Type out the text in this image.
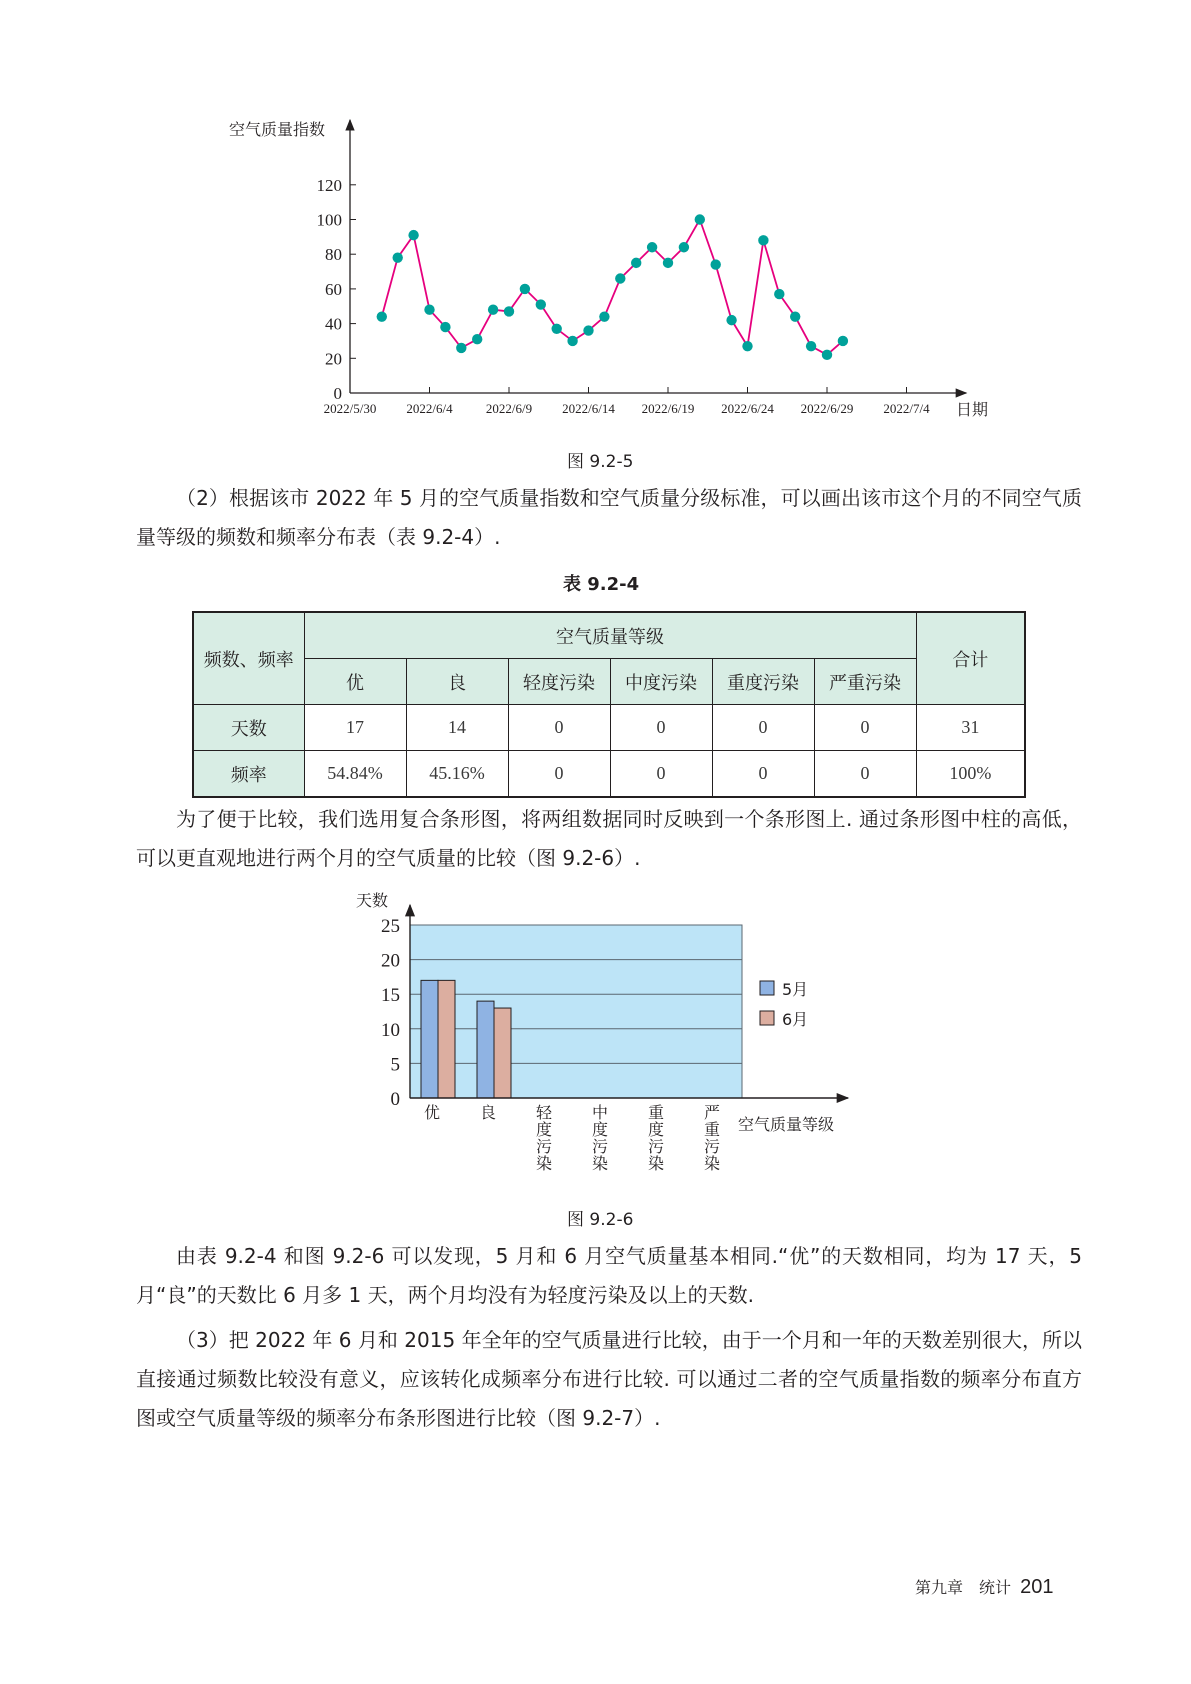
0
20
40
60
80
100
120
2022/5/30 2022/6/4	2022/6/9 2022/6/14 2022/6/19 2022/6/24 2022/6/29 2022/7/4
空气质量指数
日期
图 9.2-5

（2）根据该市 2022 年 5 月的空气质量指数和空气质量分级标准，可以画出该市这个月的不同空气质量等级的频数和频率分布表（表 9.2-4）.

表 9.2-4
频数、频率	空气质量等级						合计
	优	良	轻度污染	中度污染	重度污染	严重污染	
天数	17	14	0	0	0	0	31
频率	54.84%	45.16%	0	0	0	0	100%

为了便于比较，我们选用复合条形图，将两组数据同时反映到一个条形图上. 通过条形图中柱的高低，可以更直观地进行两个月的空气质量的比较（图 9.2-6）.

0
5
10
15
20
25
优 良 轻度污染
中度污染
重度污染
严重污染
5月
6月
天数
空气质量等级
图 9.2-6

由表 9.2-4 和图 9.2-6 可以发现，5 月和 6 月空气质量基本相同.“优”的天数相同，均为 17 天，5 月“良”的天数比 6 月多 1 天，两个月均没有为轻度污染及以上的天数.

（3）把 2022 年 6 月和 2015 年全年的空气质量进行比较，由于一个月和一年的天数差别很大，所以直接通过频数比较没有意义，应该转化成频率分布进行比较. 可以通过二者的空气质量指数的频率分布直方图或空气质量等级的频率分布条形图进行比较（图 9.2-7）.

第九章　统计 201
